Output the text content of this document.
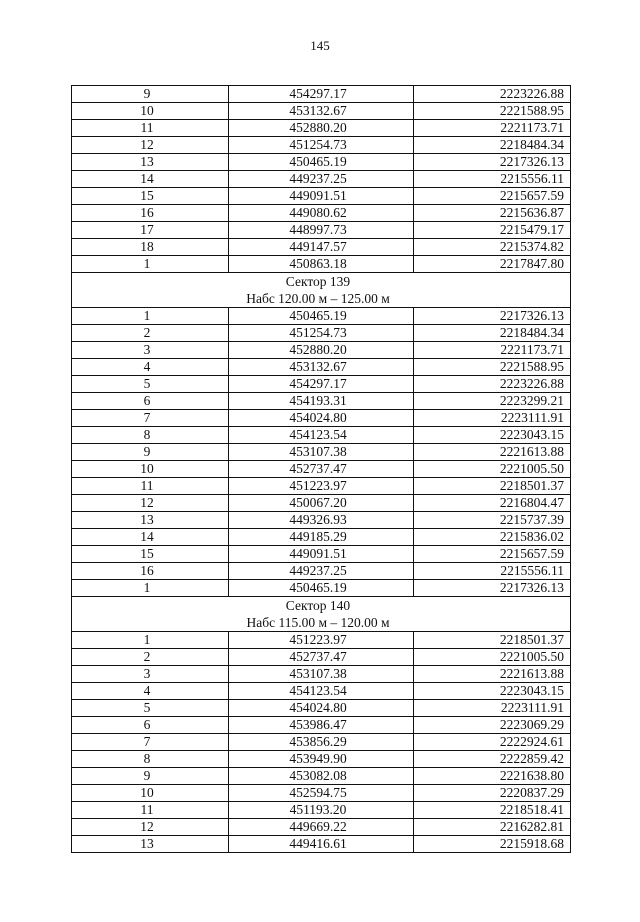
145
9	454297.17	2223226.88
10	453132.67	2221588.95
11	452880.20	2221173.71
12	451254.73	2218484.34
13	450465.19	2217326.13
14	449237.25	2215556.11
15	449091.51	2215657.59
16	449080.62	2215636.87
17	448997.73	2215479.17
18	449147.57	2215374.82
1	450863.18	2217847.80

Сектор 139
Набс 120.00 м – 125.00 м		

1	450465.19	2217326.13
2	451254.73	2218484.34
3	452880.20	2221173.71
4	453132.67	2221588.95
5	454297.17	2223226.88
6	454193.31	2223299.21
7	454024.80	2223111.91
8	454123.54	2223043.15
9	453107.38	2221613.88
10	452737.47	2221005.50
11	451223.97	2218501.37
12	450067.20	2216804.47
13	449326.93	2215737.39
14	449185.29	2215836.02
15	449091.51	2215657.59
16	449237.25	2215556.11
1	450465.19	2217326.13

Сектор 140
Набс 115.00 м – 120.00 м		

1	451223.97	2218501.37
2	452737.47	2221005.50
3	453107.38	2221613.88
4	454123.54	2223043.15
5	454024.80	2223111.91
6	453986.47	2223069.29
7	453856.29	2222924.61
8	453949.90	2222859.42
9	453082.08	2221638.80
10	452594.75	2220837.29
11	451193.20	2218518.41
12	449669.22	2216282.81
13	449416.61	2215918.68
